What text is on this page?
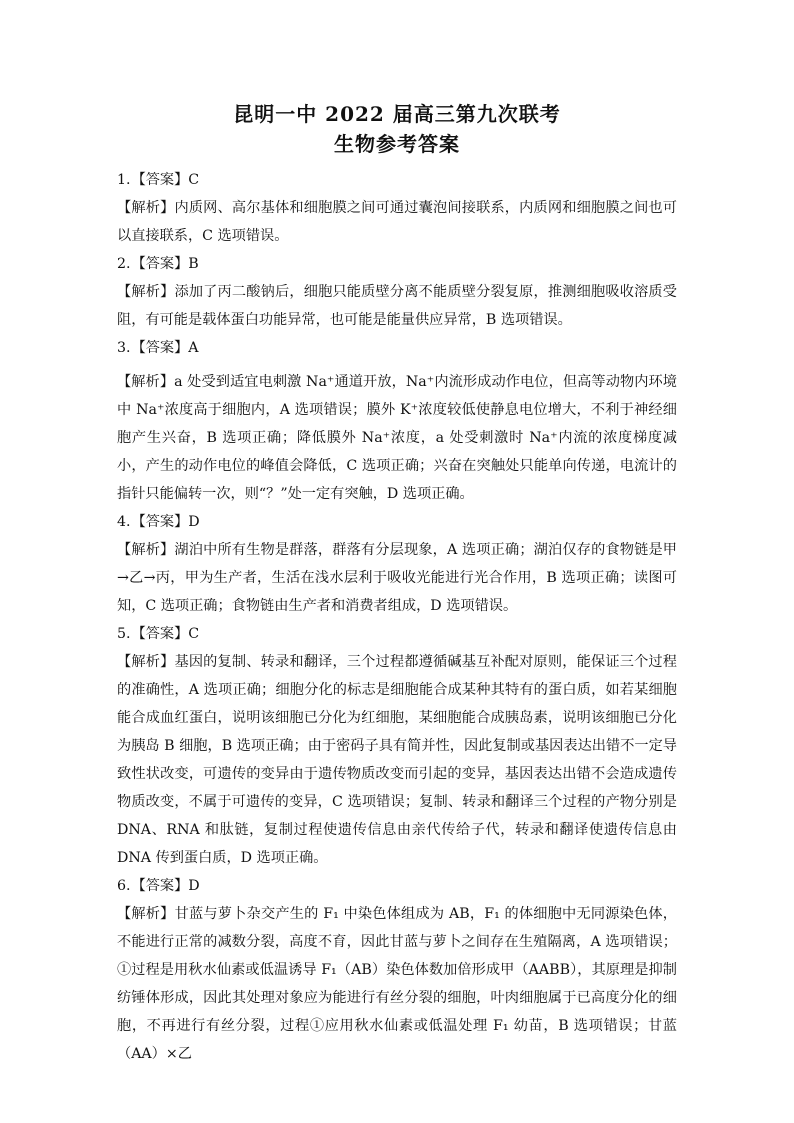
昆明一中 2022 届高三第九次联考
生物参考答案

1.【答案】C

【解析】内质网、高尔基体和细胞膜之间可通过囊泡间接联系，内质网和细胞膜之间也可以直接联系，C 选项错误。

2.【答案】B

【解析】添加了丙二酸钠后，细胞只能质壁分离不能质壁分裂复原，推测细胞吸收溶质受阻，有可能是载体蛋白功能异常，也可能是能量供应异常，B 选项错误。

3.【答案】A

【解析】a 处受到适宜电刺激 Na⁺通道开放，Na⁺内流形成动作电位，但高等动物内环境中 Na⁺浓度高于细胞内，A 选项错误；膜外 K⁺浓度较低使静息电位增大，不利于神经细胞产生兴奋，B 选项正确；降低膜外 Na⁺浓度，a 处受刺激时 Na⁺内流的浓度梯度减小，产生的动作电位的峰值会降低，C 选项正确；兴奋在突触处只能单向传递，电流计的指针只能偏转一次，则“？”处一定有突触，D 选项正确。

4.【答案】D

【解析】湖泊中所有生物是群落，群落有分层现象，A 选项正确；湖泊仅存的食物链是甲→乙→丙，甲为生产者，生活在浅水层利于吸收光能进行光合作用，B 选项正确；读图可知，C 选项正确；食物链由生产者和消费者组成，D 选项错误。

5.【答案】C

【解析】基因的复制、转录和翻译，三个过程都遵循碱基互补配对原则，能保证三个过程的准确性，A 选项正确；细胞分化的标志是细胞能合成某种其特有的蛋白质，如若某细胞能合成血红蛋白，说明该细胞已分化为红细胞，某细胞能合成胰岛素，说明该细胞已分化为胰岛 B 细胞，B 选项正确；由于密码子具有简并性，因此复制或基因表达出错不一定导致性状改变，可遗传的变异由于遗传物质改变而引起的变异，基因表达出错不会造成遗传物质改变，不属于可遗传的变异，C 选项错误；复制、转录和翻译三个过程的产物分别是 DNA、RNA 和肽链，复制过程使遗传信息由亲代传给子代，转录和翻译使遗传信息由 DNA 传到蛋白质，D 选项正确。

6.【答案】D

【解析】甘蓝与萝卜杂交产生的 F₁ 中染色体组成为 AB，F₁ 的体细胞中无同源染色体，不能进行正常的减数分裂，高度不育，因此甘蓝与萝卜之间存在生殖隔离，A 选项错误；①过程是用秋水仙素或低温诱导 F₁（AB）染色体数加倍形成甲（AABB），其原理是抑制纺锤体形成，因此其处理对象应为能进行有丝分裂的细胞，叶肉细胞属于已高度分化的细胞，不再进行有丝分裂，过程①应用秋水仙素或低温处理 F₁ 幼苗，B 选项错误；甘蓝（AA）×乙
